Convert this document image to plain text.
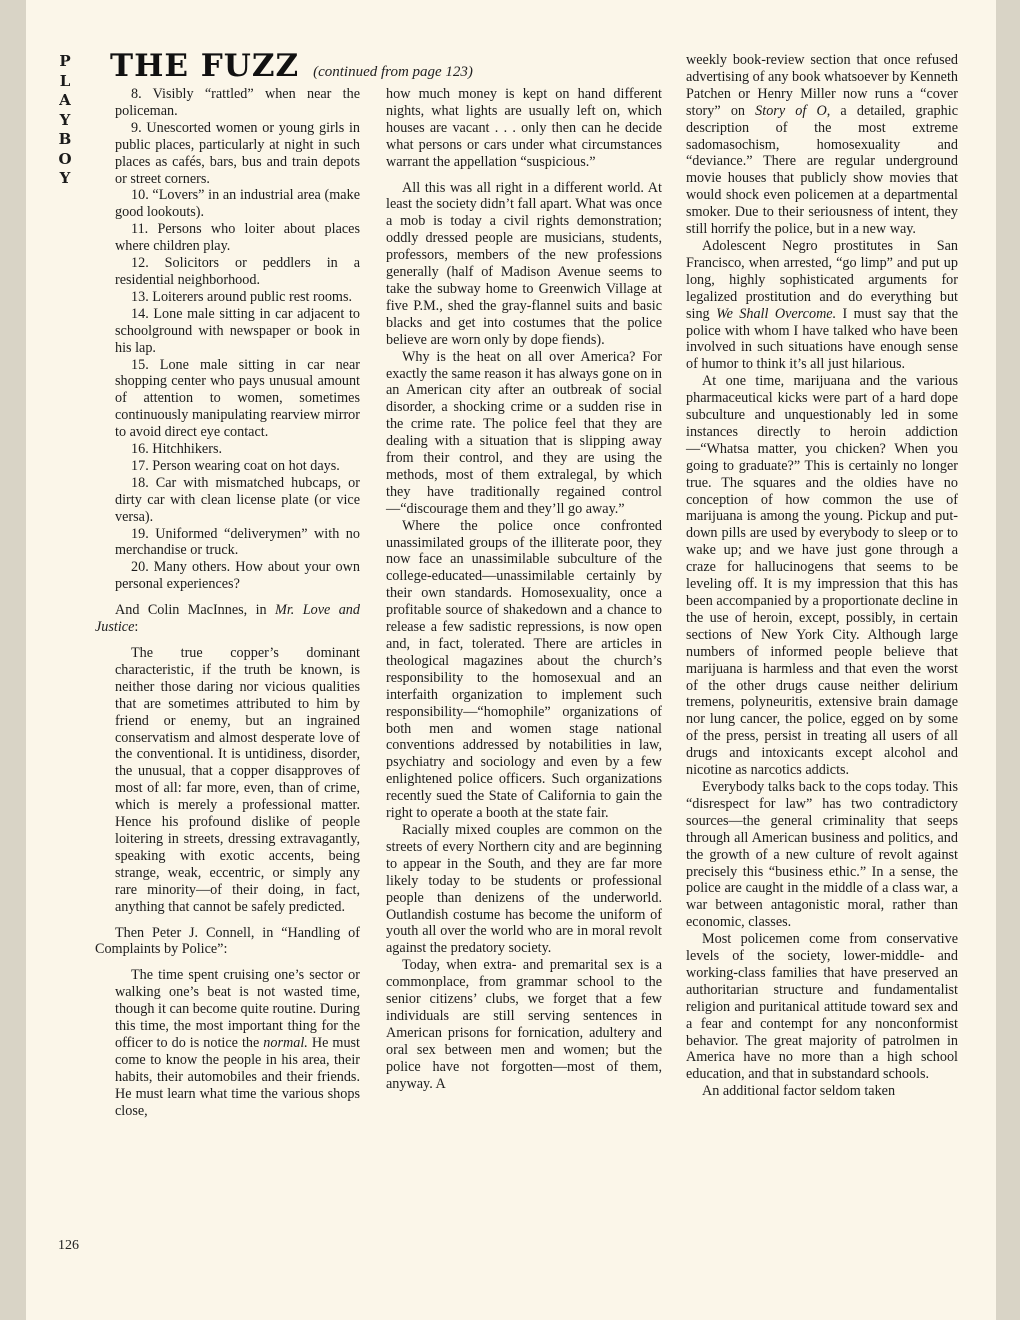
P
L
A
Y
B
O
Y
THE FUZZ (continued from page 123)

8. Visibly “rattled” when near the policeman.

9. Unescorted women or young girls in public places, particularly at night in such places as cafés, bars, bus and train depots or street corners.

10. “Lovers” in an industrial area (make good lookouts).

11. Persons who loiter about places where children play.

12. Solicitors or peddlers in a residential neighborhood.

13. Loiterers around public rest rooms.

14. Lone male sitting in car adjacent to schoolground with newspaper or book in his lap.

15. Lone male sitting in car near shopping center who pays unusual amount of attention to women, sometimes continuously manipulating rearview mirror to avoid direct eye contact.

16. Hitchhikers.

17. Person wearing coat on hot days.

18. Car with mismatched hubcaps, or dirty car with clean license plate (or vice versa).

19. Uniformed “deliverymen” with no merchandise or truck.

20. Many others. How about your own personal experiences?

And Colin MacInnes, in Mr. Love and Justice:

The true copper’s dominant characteristic, if the truth be known, is neither those daring nor vicious qualities that are sometimes attributed to him by friend or enemy, but an ingrained conservatism and almost desperate love of the conventional. It is untidiness, disorder, the unusual, that a copper disapproves of most of all: far more, even, than of crime, which is merely a professional matter. Hence his profound dislike of people loitering in streets, dressing extravagantly, speaking with exotic accents, being strange, weak, eccentric, or simply any rare minority—of their doing, in fact, anything that cannot be safely predicted.

Then Peter J. Connell, in “Handling of Complaints by Police”:

The time spent cruising one’s sector or walking one’s beat is not wasted time, though it can become quite routine. During this time, the most important thing for the officer to do is notice the normal. He must come to know the people in his area, their habits, their automobiles and their friends. He must learn what time the various shops close,

how much money is kept on hand different nights, what lights are usually left on, which houses are vacant . . . only then can he decide what persons or cars under what circumstances warrant the appellation “suspicious.”

All this was all right in a different world. At least the society didn’t fall apart. What was once a mob is today a civil rights demonstration; oddly dressed people are musicians, students, professors, members of the new professions generally (half of Madison Avenue seems to take the subway home to Greenwich Village at five P.M., shed the gray-flannel suits and basic blacks and get into costumes that the police believe are worn only by dope fiends).

Why is the heat on all over America? For exactly the same reason it has always gone on in an American city after an outbreak of social disorder, a shocking crime or a sudden rise in the crime rate. The police feel that they are dealing with a situation that is slipping away from their control, and they are using the methods, most of them extralegal, by which they have traditionally regained control—“discourage them and they’ll go away.”

Where the police once confronted unassimilated groups of the illiterate poor, they now face an unassimilable subculture of the college-educated—unassimilable certainly by their own standards. Homosexuality, once a profitable source of shakedown and a chance to release a few sadistic repressions, is now open and, in fact, tolerated. There are articles in theological magazines about the church’s responsibility to the homosexual and an interfaith organization to implement such responsibility—“homophile” organizations of both men and women stage national conventions addressed by notabilities in law, psychiatry and sociology and even by a few enlightened police officers. Such organizations recently sued the State of California to gain the right to operate a booth at the state fair.

Racially mixed couples are common on the streets of every Northern city and are beginning to appear in the South, and they are far more likely today to be students or professional people than denizens of the underworld. Outlandish costume has become the uniform of youth all over the world who are in moral revolt against the predatory society.

Today, when extra- and premarital sex is a commonplace, from grammar school to the senior citizens’ clubs, we forget that a few individuals are still serving sentences in American prisons for fornication, adultery and oral sex between men and women; but the police have not forgotten—most of them, anyway. A

weekly book-review section that once refused advertising of any book whatsoever by Kenneth Patchen or Henry Miller now runs a “cover story” on Story of O, a detailed, graphic description of the most extreme sadomasochism, homosexuality and “deviance.” There are regular underground movie houses that publicly show movies that would shock even policemen at a departmental smoker. Due to their seriousness of intent, they still horrify the police, but in a new way.

Adolescent Negro prostitutes in San Francisco, when arrested, “go limp” and put up long, highly sophisticated arguments for legalized prostitution and do everything but sing We Shall Overcome. I must say that the police with whom I have talked who have been involved in such situations have enough sense of humor to think it’s all just hilarious.

At one time, marijuana and the various pharmaceutical kicks were part of a hard dope subculture and unquestionably led in some instances directly to heroin addiction—“Whatsa matter, you chicken? When you going to graduate?” This is certainly no longer true. The squares and the oldies have no conception of how common the use of marijuana is among the young. Pickup and put-down pills are used by everybody to sleep or to wake up; and we have just gone through a craze for hallucinogens that seems to be leveling off. It is my impression that this has been accompanied by a proportionate decline in the use of heroin, except, possibly, in certain sections of New York City. Although large numbers of informed people believe that marijuana is harmless and that even the worst of the other drugs cause neither delirium tremens, polyneuritis, extensive brain damage nor lung cancer, the police, egged on by some of the press, persist in treating all users of all drugs and intoxicants except alcohol and nicotine as narcotics addicts.

Everybody talks back to the cops today. This “disrespect for law” has two contradictory sources—the general criminality that seeps through all American business and politics, and the growth of a new culture of revolt against precisely this “business ethic.” In a sense, the police are caught in the middle of a class war, a war between antagonistic moral, rather than economic, classes.

Most policemen come from conservative levels of the society, lower-middle- and working-class families that have preserved an authoritarian structure and fundamentalist religion and puritanical attitude toward sex and a fear and contempt for any nonconformist behavior. The great majority of patrolmen in America have no more than a high school education, and that in substandard schools.

An additional factor seldom taken

126
